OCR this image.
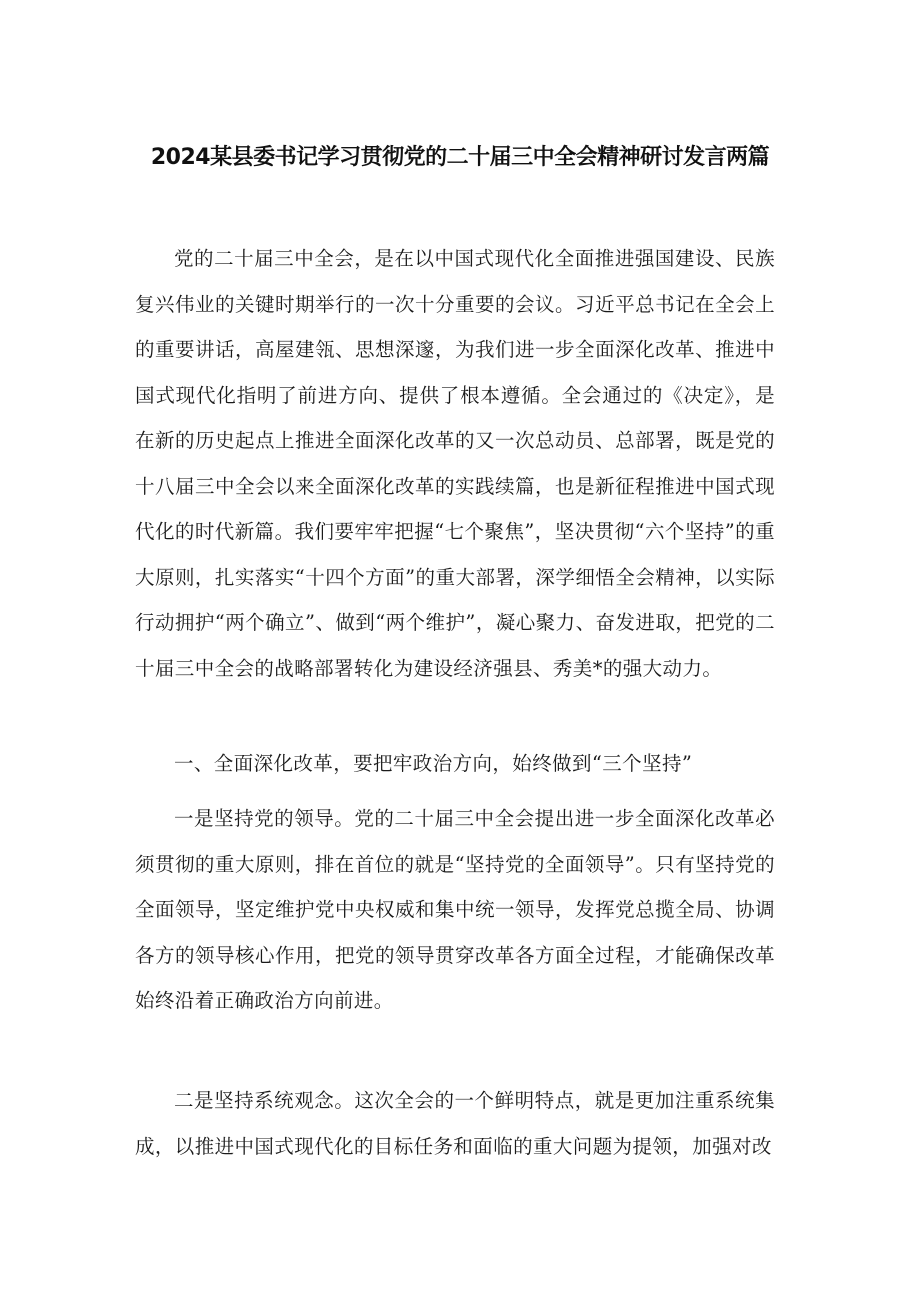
2024某县委书记学习贯彻党的二十届三中全会精神研讨发言两篇

党的二十届三中全会，是在以中国式现代化全面推进强国建设、民族复兴伟业的关键时期举行的一次十分重要的会议。习近平总书记在全会上的重要讲话，高屋建瓴、思想深邃，为我们进一步全面深化改革、推进中国式现代化指明了前进方向、提供了根本遵循。全会通过的《决定》，是在新的历史起点上推进全面深化改革的又一次总动员、总部署，既是党的十八届三中全会以来全面深化改革的实践续篇，也是新征程推进中国式现代化的时代新篇。我们要牢牢把握“七个聚焦”，坚决贯彻“六个坚持”的重大原则，扎实落实“十四个方面”的重大部署，深学细悟全会精神，以实际行动拥护“两个确立”、做到“两个维护”，凝心聚力、奋发进取，把党的二十届三中全会的战略部署转化为建设经济强县、秀美*的强大动力。

一、全面深化改革，要把牢政治方向，始终做到“三个坚持”

一是坚持党的领导。党的二十届三中全会提出进一步全面深化改革必须贯彻的重大原则，排在首位的就是“坚持党的全面领导”。只有坚持党的全面领导，坚定维护党中央权威和集中统一领导，发挥党总揽全局、协调各方的领导核心作用，把党的领导贯穿改革各方面全过程，才能确保改革始终沿着正确政治方向前进。

二是坚持系统观念。这次全会的一个鲜明特点，就是更加注重系统集成，以推进中国式现代化的目标任务和面临的重大问题为提领，加强对改
